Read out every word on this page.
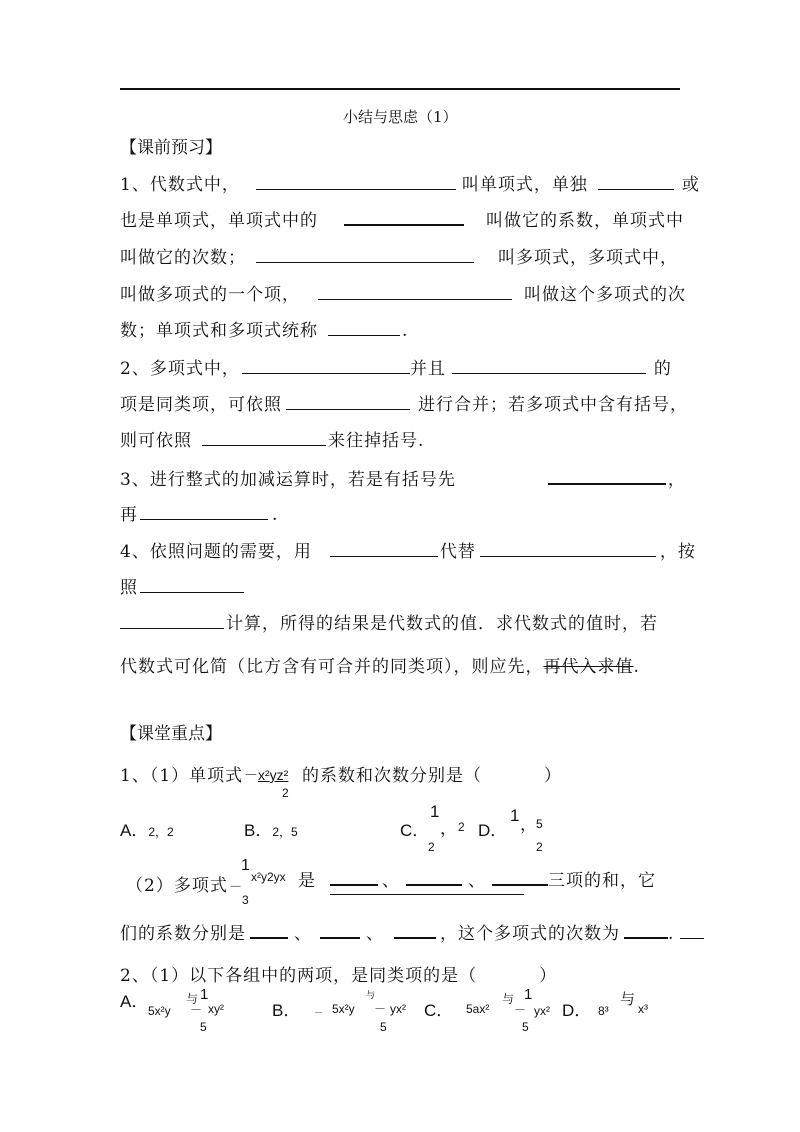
小结与思虑（1）
【课前预习】
1、代数式中，	叫单项式，单独	或
也是单项式，单项式中的	叫做它的系数，单项式中
叫做它的次数；	叫多项式，多项式中，
叫做多项式的一个项，	叫做这个多项式的次
数；单项式和多项式统称	.
2、多项式中，	并且	的
项是同类项，可依照	进行合并；若多项式中含有括号，
则可依照	来往掉括号.
3、进行整式的加减运算时，若是有括号先	，
再	.
4、依照问题的需要，用	代替	，按
照
计算，所得的结果是代数式的值．求代数式的值时，若
代数式可化简（比方含有可合并的同类项），则应先，再代入求值.
【课堂重点】
1、（1）单项式 －x²yz²
2
的系数和次数分别是（	）
A．2，2	B．2，5	C．
1
， 2
2
D．
1 ， 5
2
（2）多项式 －
1
x²y2yx
3
是	、	、	三项的和，它
们的系数分别是	、	、	，这个多项式的次数为	.
2、（1）以下各组中的两项，是同类项的是（	）
A． 5x²y
与
－
1
xy²
5
B． － 5x²y
与
－ yx²
5
C． 5ax²
与
－
1
yx²
5
D． 8³
与
x³
